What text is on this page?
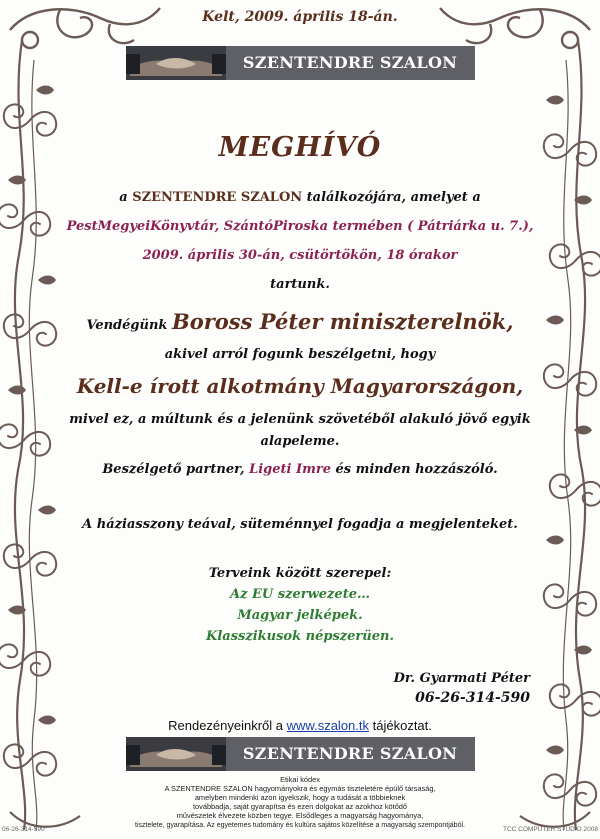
Kelt, 2009. április 18-án.
SZENTENDRE SZALON
MEGHÍVÓ
a SZENTENDRE SZALON találkozójára, amelyet a
PestMegyeiKönyvtár, SzántóPiroska termében ( Pátriárka u. 7.),
2009. április 30-án, csütörtökön, 18 órakor
tartunk.
Vendégünk Boross Péter miniszterelnök,
akivel arról fogunk beszélgetni, hogy
Kell-e írott alkotmány Magyarországon,
mivel ez, a múltunk és a jelenünk szövetéből alakuló jövő egyik
alapeleme.
Beszélgető partner, Ligeti Imre és minden hozzászóló.
A háziasszony teával, süteménnyel fogadja a megjelenteket.
Terveink között szerepel:
Az EU szerwezete…
Magyar jelképek.
Klasszikusok népszerüen.
Dr. Gyarmati Péter
06-26-314-590
Rendezényeinkről a www.szalon.tk tájékoztat.
SZENTENDRE SZALON
Etikai kódex
A SZENTENDRE SZALON hagyományokra és egymás tiszteletére épülő társaság,
amelyben mindenki azon igyekszik, hogy a tudását a többieknek
továbbadja, saját gyarapítsa és ezen dolgokat az azokhoz kötődő
művészetek élvezete közben tegye. Elsődleges a magyarság hagyománya,
tisztelete, gyarapítása. Az egyetemes tudomány és kultúra sajátos közelítése a magyarság szempontjából.
06-26-314-590	TCC COMPUTER STUDIO 2008
